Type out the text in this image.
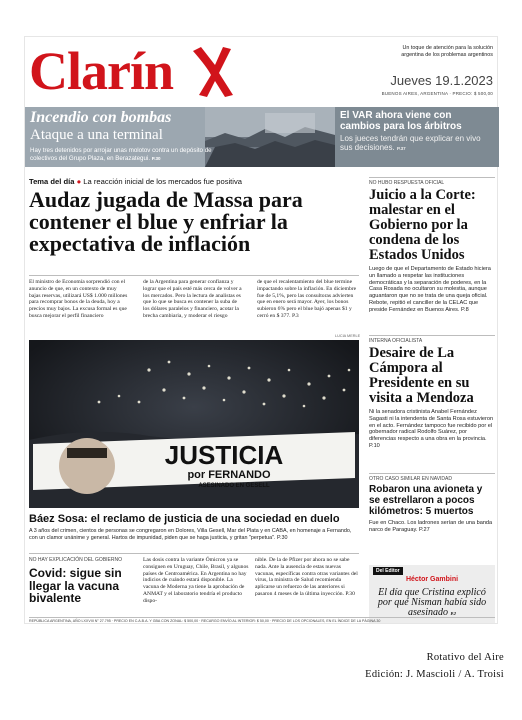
Clarín	Un toque de atención para la solución argentina de los problemas argentinos
Jueves 19.1.2023
BUENOS AIRES, ARGENTINA · PRECIO: $ 500,00
Incendio con bombas
Ataque a una terminal
Hay tres detenidos por arrojar unas molotov contra un depósito de colectivos del Grupo Plaza, en Berazategui. P.30
El VAR ahora viene con cambios para los árbitros
Los jueces tendrán que explicar en vivo sus decisiones. P.37
Tema del día ● La reacción inicial de los mercados fue positiva
Audaz jugada de Massa para contener el blue y enfriar la expectativa de inflación
El ministro de Economía sorprendió con el anuncio de que, en un contexto de muy bajas reservas, utilizará US$ 1.000 millones para recomprar bonos de la deuda, hoy a precios muy bajos. La excusa formal es que busca mejorar el perfil financiero
de la Argentina para generar confianza y lograr que el país esté más cerca de volver a los mercados. Pero la lectura de analistas es que lo que se busca es contener la suba de los dólares paralelos y financiero, acotar la brecha cambiaria, y moderar el riesgo
de que el recalentamiento del blue termine impactando sobre la inflación. En diciembre fue de 5,1%, pero las consultoras advierten que en enero será mayor. Ayer, los bonos subieron 6% pero el blue bajó apenas $1 y cerró en $ 377. P.3
LUCIA MERLE
JUSTICIA
por FERNANDO
ASESINADO EN GESELL
Todos por Fernando. Dolores fue uno de los lugares de homenaje. El lunes habrá alegatos en el juicio.
Báez Sosa: el reclamo de justicia de una sociedad en duelo
A 3 años del crimen, cientos de personas se congregaron en Dolores, Villa Gesell, Mar del Plata y en CABA, en homenaje a Fernando, con un clamor unánime y general. Hartos de impunidad, piden que se haga justicia, y gritan "perpetua". P.30
NO HAY EXPLICACIÓN DEL GOBIERNO
Covid: sigue sin llegar la vacuna bivalente
Las dosis contra la variante Ómicron ya se consiguen en Uruguay, Chile, Brasil, y algunos países de Centroamérica. En Argentina no hay indicios de cuándo estará disponible. La vacuna de Moderna ya tiene la aprobación de ANMAT y el laboratorio tendría el producto dispo-
nible. De la de Pfizer por ahora no se sabe nada. Ante la ausencia de estas nuevas vacunas, específicas contra otras variantes del virus, la ministra de Salud recomienda aplicarse un refuerzo de las anteriores si pasaron 4 meses de la última inyección. P.30
NO HUBO RESPUESTA OFICIAL
Juicio a la Corte: malestar en el Gobierno por la condena de los Estados Unidos
Luego de que el Departamento de Estado hiciera un llamado a respetar las instituciones democráticas y la separación de poderes, en la Casa Rosada no ocultaron su molestia, aunque aguantaron que no se trata de una queja oficial. Rebote, repitió el canciller de la CELAC que preside Fernández en Buenos Aires. P.8
INTERNA OFICIALISTA
Desaire de La Cámpora al Presidente en su visita a Mendoza
Ni la senadora cristinista Anabel Fernández Sagasti ni la intendenta de Santa Rosa estuvieron en el acto. Fernández tampoco fue recibido por el gobernador radical Rodolfo Suárez, por diferencias respecto a una obra en la provincia. P.10
OTRO CASO SIMILAR EN NAVIDAD
Robaron una avioneta y se estrellaron a pocos kilómetros: 5 muertos
Fue en Chaco. Los ladrones serían de una banda narco de Paraguay. P.27
Del Editor
Héctor Gambini
El día que Cristina explicó por qué Nisman había sido asesinado P.2
REPÚBLICA ARGENTINA, AÑO LXXVIII N° 27.795 · PRECIO EN C.A.B.A. Y GBA CON ZONAL: $ 500,00 · RECARGO ENVÍO AL INTERIOR: $ 50,00 · PRECIO DE LOS OPCIONALES, EN EL ÍNDICE DE LA PÁGINA 30
Rotativo del Aire
Edición: J. Mascioli / A. Troisi
